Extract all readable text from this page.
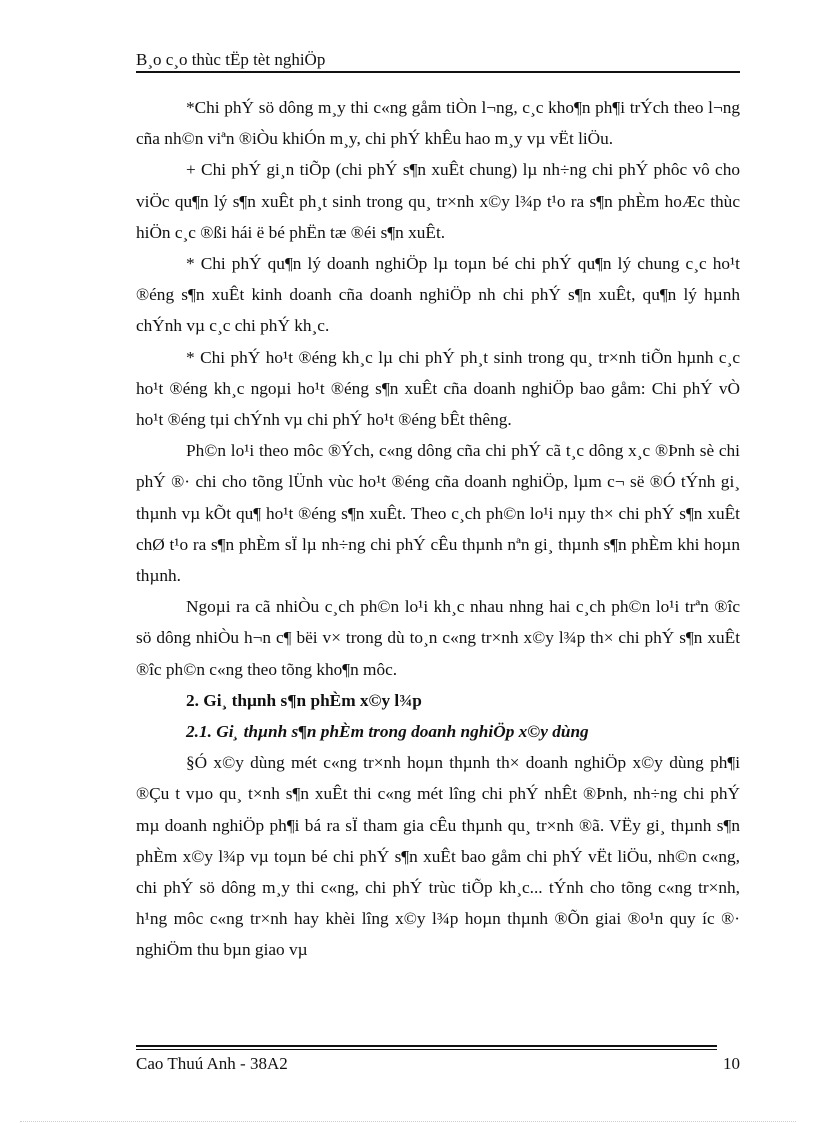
B¸o c¸o thùc tËp tèt nghiÖp

*Chi phÝ sö dông m¸y thi c«ng gåm tiÒn l¬ng, c¸c kho¶n ph¶i trÝch theo l¬ng cña nh©n viªn ®iÒu khiÓn m¸y, chi phÝ khÊu hao m¸y vµ vËt liÖu.

+ Chi phÝ gi¸n tiÕp (chi phÝ s¶n xuÊt chung) lµ nh÷ng chi phÝ phôc vô cho viÖc qu¶n lý s¶n xuÊt ph¸t sinh trong qu¸ tr×nh x©y l¾p t¹o ra s¶n phÈm hoÆc thùc hiÖn c¸c ®ßi hái ë bé phËn tæ ®éi s¶n xuÊt.

* Chi phÝ qu¶n lý doanh nghiÖp lµ toµn bé chi phÝ qu¶n lý chung c¸c ho¹t ®éng s¶n xuÊt kinh doanh cña doanh nghiÖp nh chi phÝ s¶n xuÊt, qu¶n lý hµnh chÝnh vµ c¸c chi phÝ kh¸c.

* Chi phÝ ho¹t ®éng kh¸c lµ chi phÝ ph¸t sinh trong qu¸ tr×nh tiÕn hµnh c¸c ho¹t ®éng kh¸c ngoµi ho¹t ®éng s¶n xuÊt cña doanh nghiÖp bao gåm: Chi phÝ vÒ ho¹t ®éng tµi chÝnh vµ chi phÝ ho¹t ®éng bÊt thêng.

Ph©n lo¹i theo môc ®Ých, c«ng dông cña chi phÝ cã t¸c dông x¸c ®Þnh sè chi phÝ ®· chi cho tõng lÜnh vùc ho¹t ®éng cña doanh nghiÖp, lµm c¬ së ®Ó tÝnh gi¸ thµnh vµ kÕt qu¶ ho¹t ®éng s¶n xuÊt. Theo c¸ch ph©n lo¹i nµy th× chi phÝ s¶n xuÊt chØ t¹o ra s¶n phÈm sÏ lµ nh÷ng chi phÝ cÊu thµnh nªn gi¸ thµnh s¶n phÈm khi hoµn thµnh.

Ngoµi ra cã nhiÒu c¸ch ph©n lo¹i kh¸c nhau nhng hai c¸ch ph©n lo¹i trªn ®îc sö dông nhiÒu h¬n c¶ bëi v× trong dù to¸n c«ng tr×nh x©y l¾p th× chi phÝ s¶n xuÊt ®îc ph©n c«ng theo tõng kho¶n môc.

2. Gi¸ thµnh s¶n phÈm x©y l¾p

2.1. Gi¸ thµnh s¶n phÈm trong doanh nghiÖp x©y dùng

§Ó x©y dùng mét c«ng tr×nh hoµn thµnh th× doanh nghiÖp x©y dùng ph¶i ®Çu t vµo qu¸ t×nh s¶n xuÊt thi c«ng mét lîng chi phÝ nhÊt ®Þnh, nh÷ng chi phÝ mµ doanh nghiÖp ph¶i bá ra sÏ tham gia cÊu thµnh qu¸ tr×nh ®ã. VËy gi¸ thµnh s¶n phÈm x©y l¾p vµ toµn bé chi phÝ s¶n xuÊt bao gåm chi phÝ vËt liÖu, nh©n c«ng, chi phÝ sö dông m¸y thi c«ng, chi phÝ trùc tiÕp kh¸c... tÝnh cho tõng c«ng tr×nh, h¹ng môc c«ng tr×nh hay khèi lîng x©y l¾p hoµn thµnh ®Õn giai ®o¹n quy íc ®· nghiÖm thu bµn giao vµ

Cao Thuú Anh - 38A2	10
